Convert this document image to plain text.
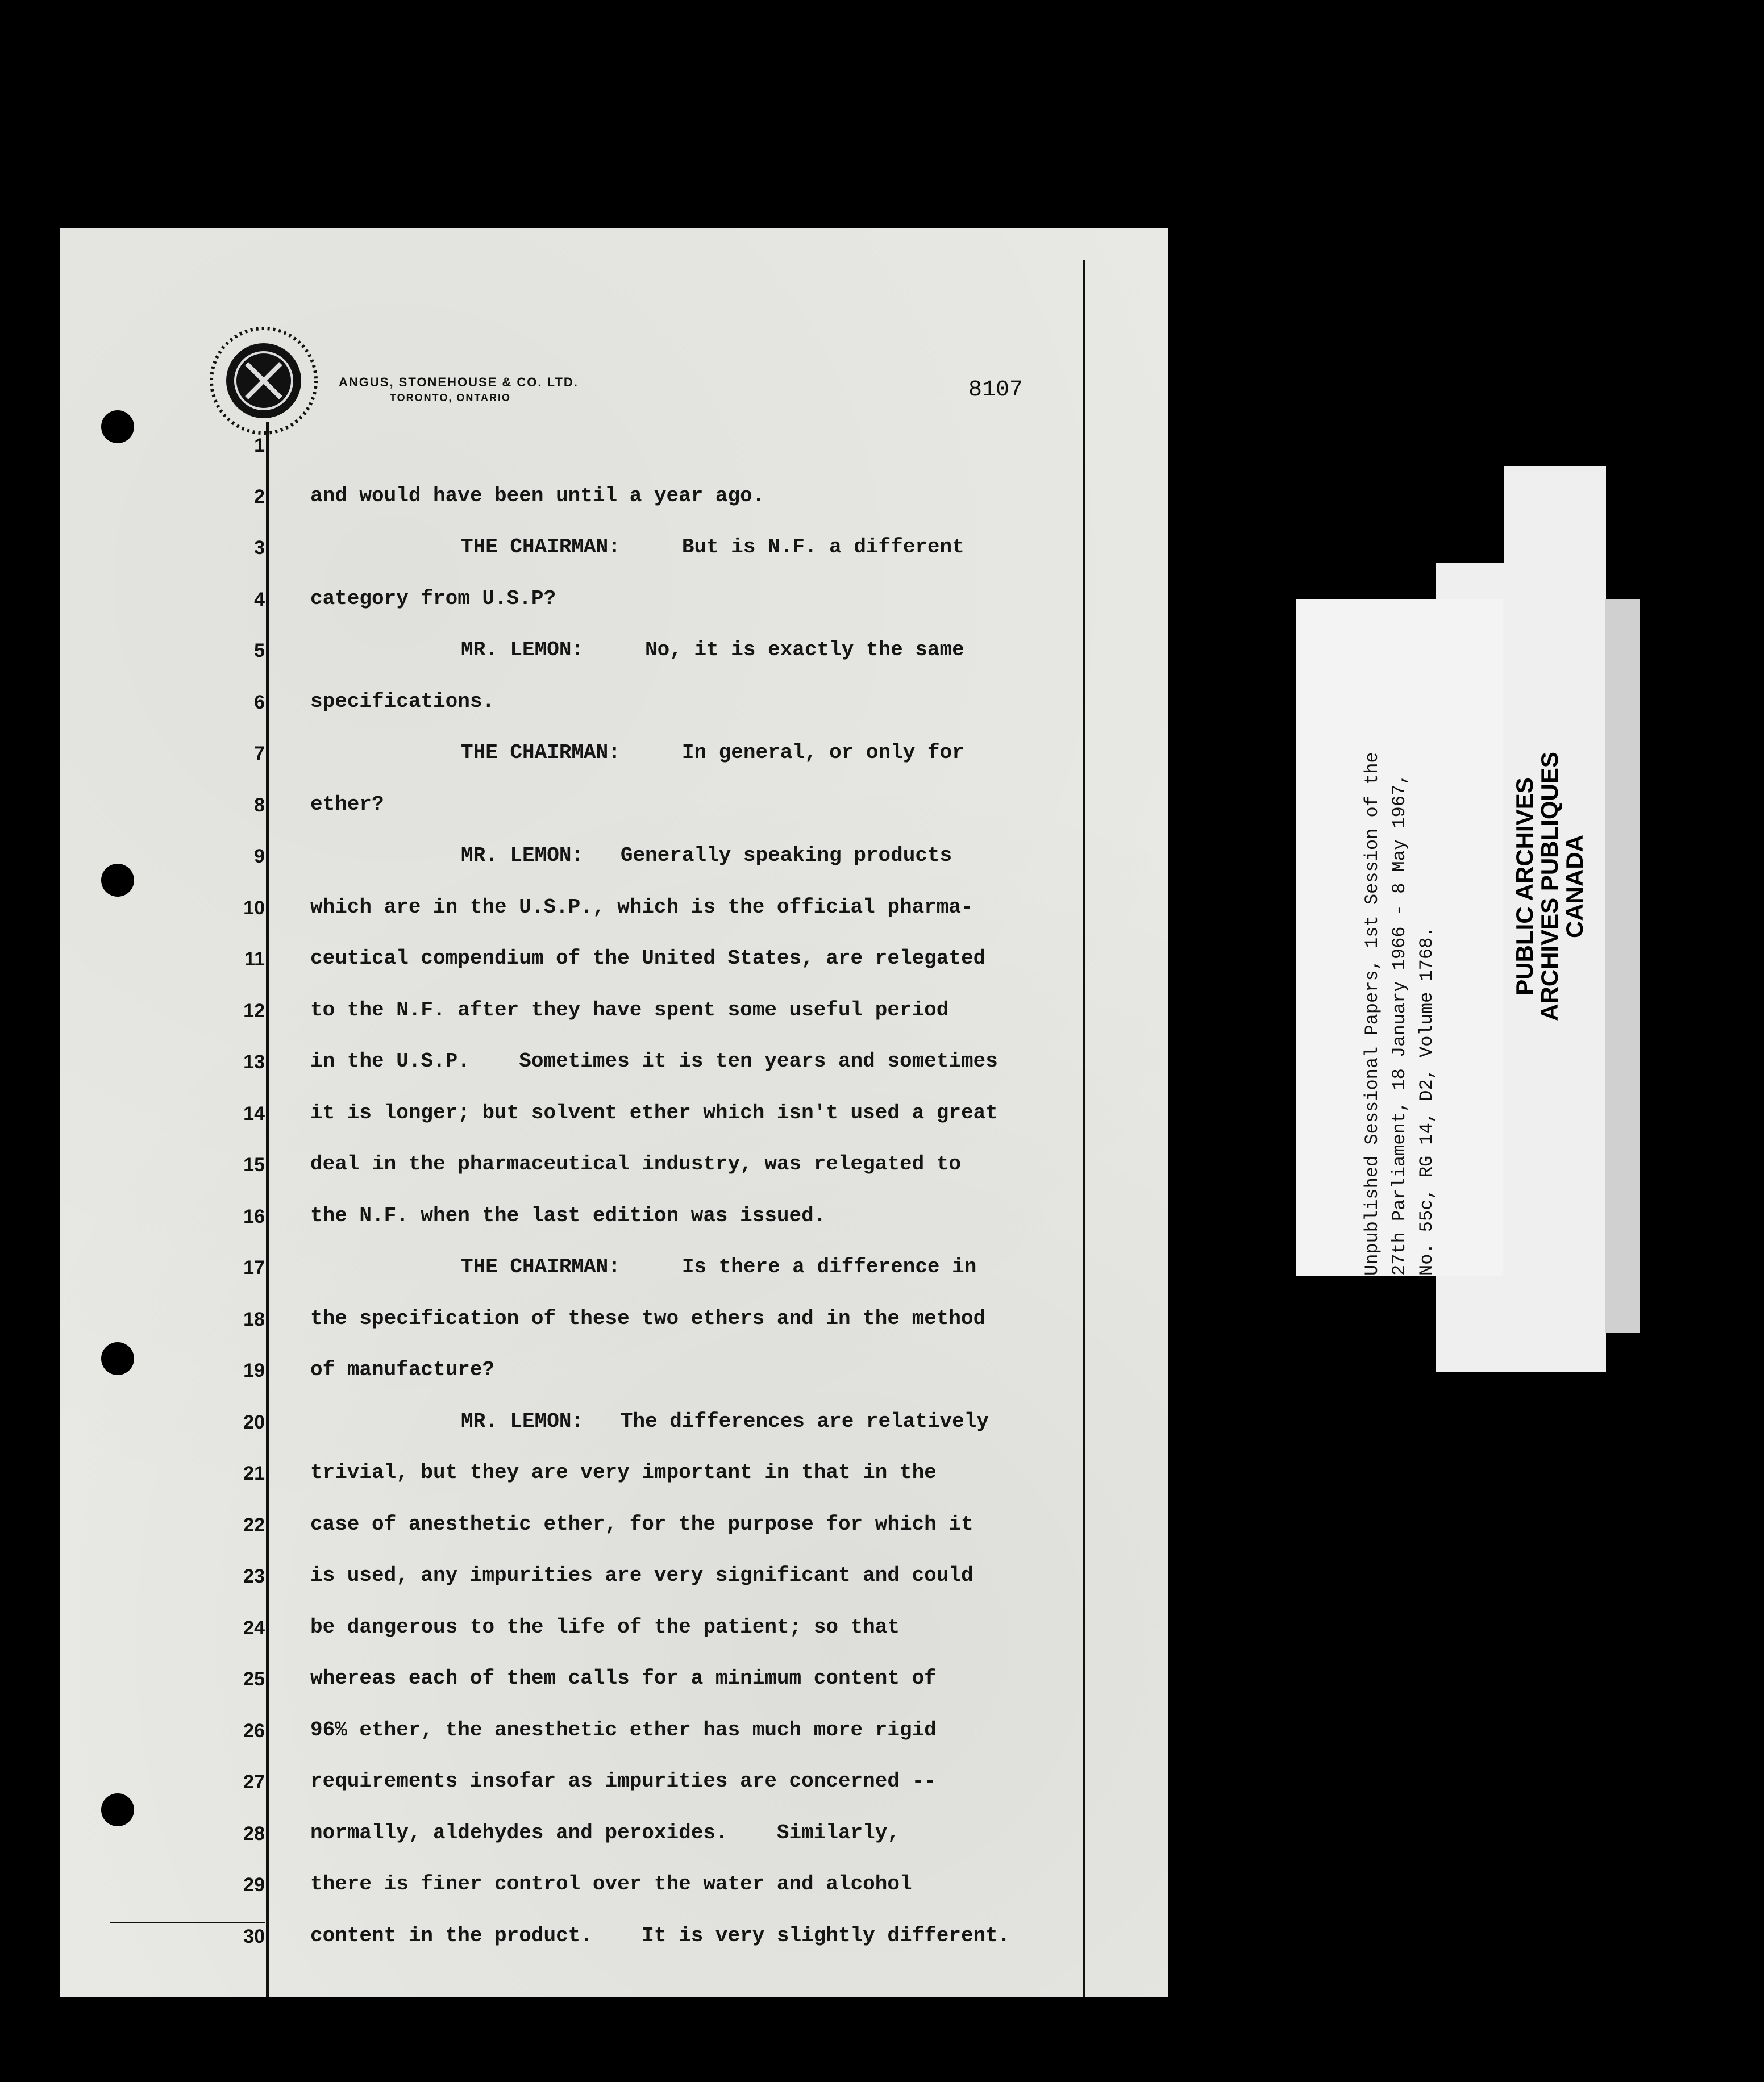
ANGUS, STONEHOUSE & CO. LTD.
TORONTO, ONTARIO	8107
1
2
3
4
5
6
7
8
9
10
11
12
13
14
15
16
17
18
19
20
21
22
23
24
25
26
27
28
29
30
and would have been until a year ago.
THE CHAIRMAN:     But is N.F. a different
category from U.S.P?
MR. LEMON:     No, it is exactly the same
specifications.
THE CHAIRMAN:     In general, or only for
ether?
MR. LEMON:   Generally speaking products
which are in the U.S.P., which is the official pharma-
ceutical compendium of the United States, are relegated
to the N.F. after they have spent some useful period
in the U.S.P.    Sometimes it is ten years and sometimes
it is longer; but solvent ether which isn't used a great
deal in the pharmaceutical industry, was relegated to
the N.F. when the last edition was issued.
THE CHAIRMAN:     Is there a difference in
the specification of these two ethers and in the method
of manufacture?
MR. LEMON:   The differences are relatively
trivial, but they are very important in that in the
case of anesthetic ether, for the purpose for which it
is used, any impurities are very significant and could
be dangerous to the life of the patient; so that
whereas each of them calls for a minimum content of
96% ether, the anesthetic ether has much more rigid
requirements insofar as impurities are concerned --
normally, aldehydes and peroxides.    Similarly,
there is finer control over the water and alcohol
content in the product.    It is very slightly different.
Unpublished Sessional Papers, 1st Session of the 27th Parliament, 18 January 1966 - 8 May 1967, No. 55c, RG 14, D2, Volume 1768.
PUBLIC ARCHIVES
ARCHIVES PUBLIQUES
CANADA
